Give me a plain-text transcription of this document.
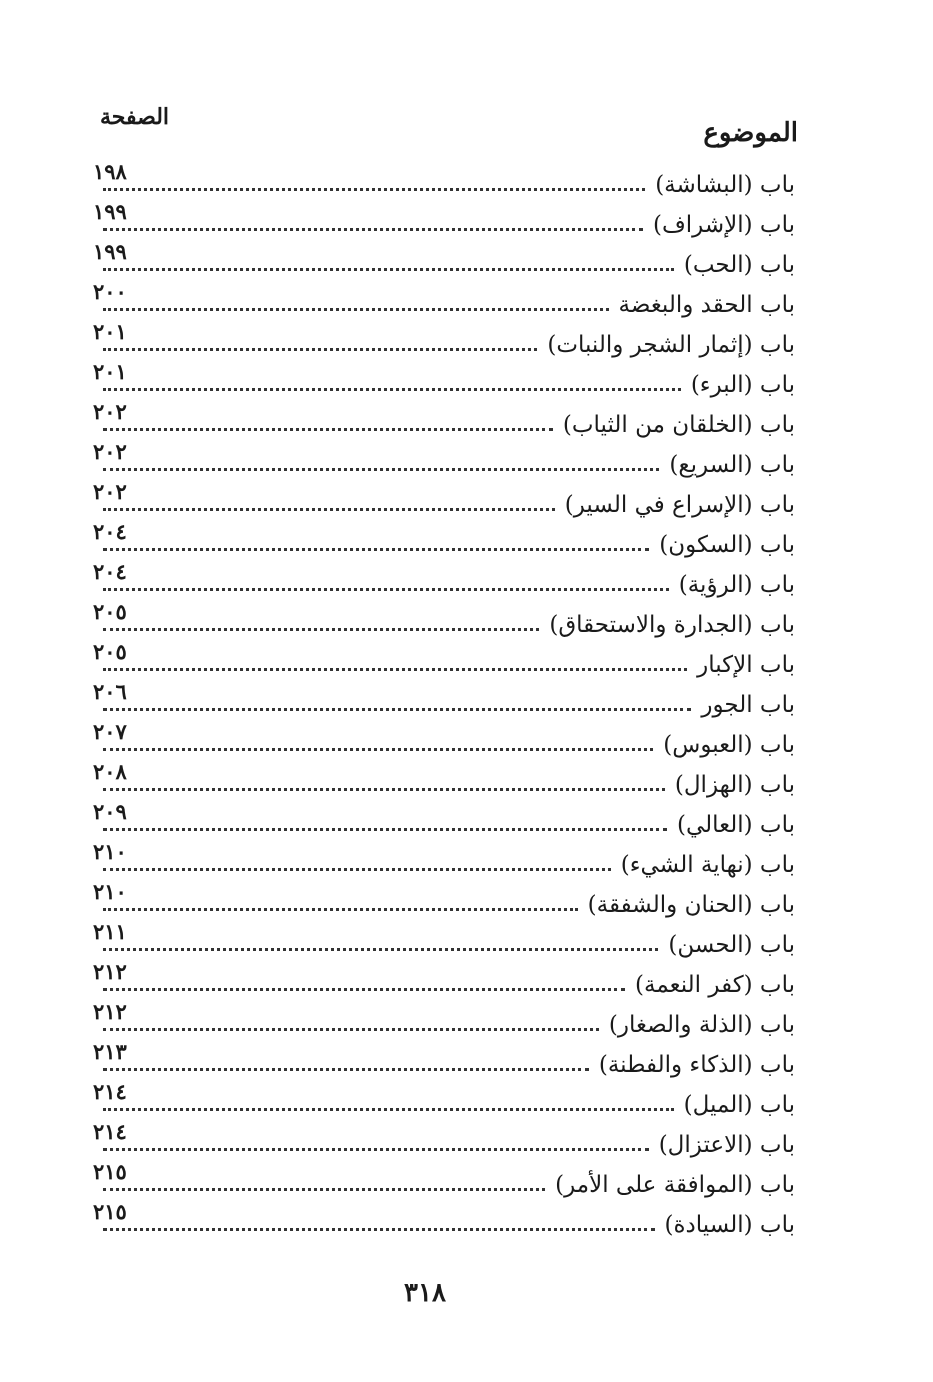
الموضوع
الصفحة
باب (البشاشة)
١٩٨
باب (الإشراف)
١٩٩
باب (الحب)
١٩٩
باب الحقد والبغضة
٢٠٠
باب (إثمار الشجر والنبات)
٢٠١
باب (البرء)
٢٠١
باب (الخلقان من الثياب)
٢٠٢
باب (السريع)
٢٠٢
باب (الإسراع في السير)
٢٠٢
باب (السكون)
٢٠٤
باب (الرؤية)
٢٠٤
باب (الجدارة والاستحقاق)
٢٠٥
باب الإكبار
٢٠٥
باب الجور
٢٠٦
باب (العبوس)
٢٠٧
باب (الهزال)
٢٠٨
باب (العالي)
٢٠٩
باب (نهاية الشيء)
٢١٠
باب (الحنان والشفقة)
٢١٠
باب (الحسن)
٢١١
باب (كفر النعمة)
٢١٢
باب (الذلة والصغار)
٢١٢
باب (الذكاء والفطنة)
٢١٣
باب (الميل)
٢١٤
باب (الاعتزال)
٢١٤
باب (الموافقة على الأمر)
٢١٥
باب (السيادة)
٢١٥
٣١٨
